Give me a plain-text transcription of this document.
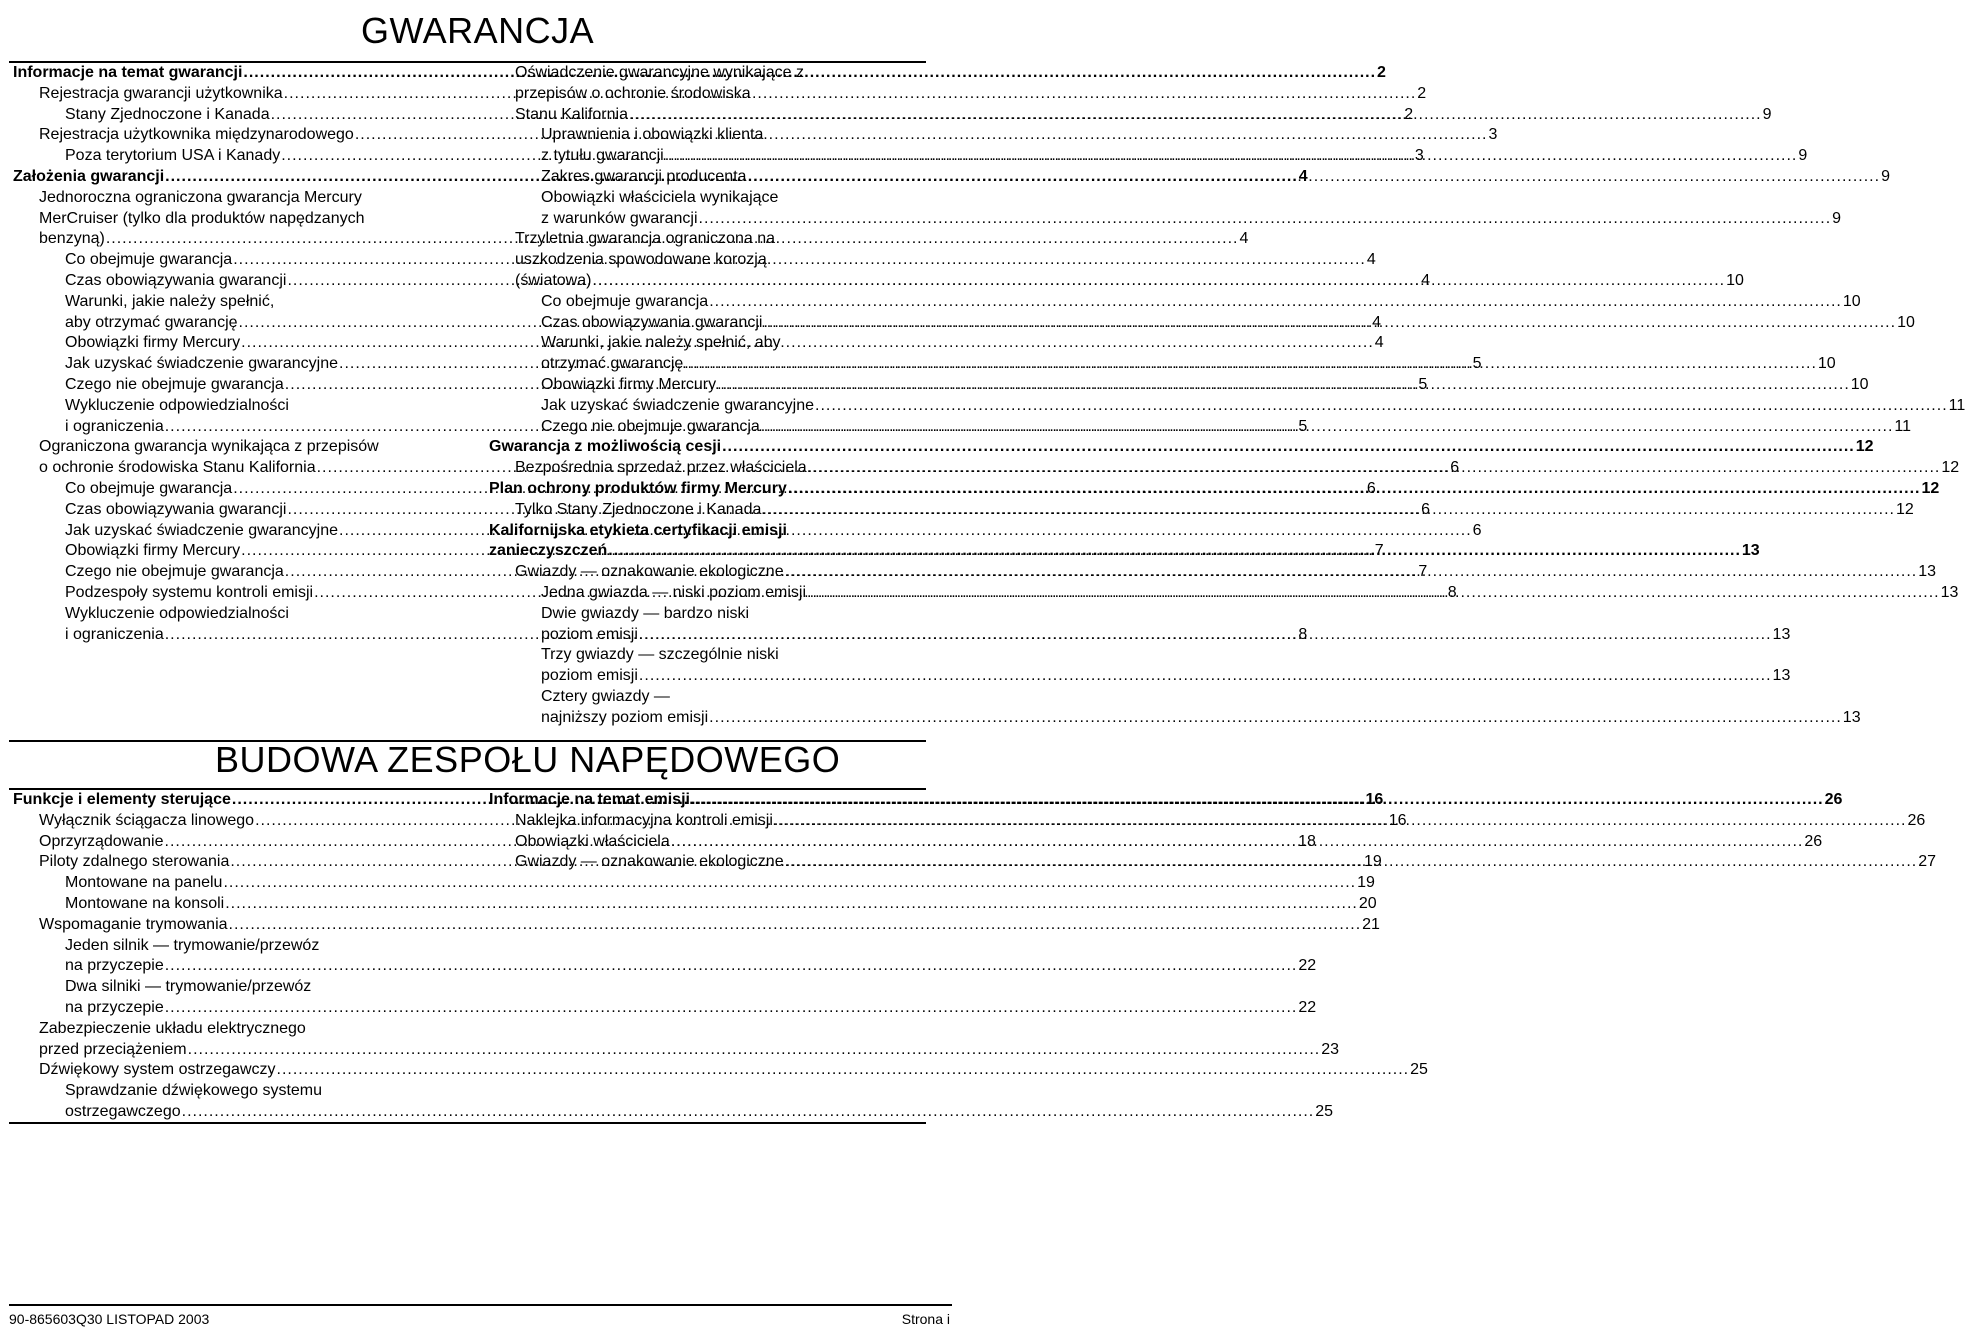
GWARANCJA
Informacje na temat gwarancji .....	2
Rejestracja gwarancji użytkownika .....	2
Stany Zjednoczone i Kanada .....	2
Rejestracja użytkownika międzynarodowego .....	3
Poza terytorium USA i Kanady .....	3
Założenia gwarancji .....	4
Jednoroczna ograniczona gwarancja Mercury
MerCruiser (tylko dla produktów napędzanych
benzyną) .....	4
Co obejmuje gwarancja .....	4
Czas obowiązywania gwarancji .....	4
Warunki, jakie należy spełnić,
aby otrzymać gwarancję .....	4
Obowiązki firmy Mercury .....	4
Jak uzyskać świadczenie gwarancyjne .....	5
Czego nie obejmuje gwarancja .....	5
Wykluczenie odpowiedzialności
i ograniczenia .....	5
Ograniczona gwarancja wynikająca z przepisów
o ochronie środowiska Stanu Kalifornia .....	6
Co obejmuje gwarancja .....	6
Czas obowiązywania gwarancji .....	6
Jak uzyskać świadczenie gwarancyjne .....	6
Obowiązki firmy Mercury .....	7
Czego nie obejmuje gwarancja .....	7
Podzespoły systemu kontroli emisji .....	8
Wykluczenie odpowiedzialności
i ograniczenia .....	8
Oświadczenie gwarancyjne wynikające z
przepisów o ochronie środowiska
Stanu Kalifornia .....	9
Uprawnienia i obowiązki klienta
z tytułu gwarancji .....	9
Zakres gwarancji producenta .....	9
Obowiązki właściciela wynikające
z warunków gwarancji .....	9
Trzyletnia gwarancja ograniczona na
uszkodzenia spowodowane korozją
(światowa) .....	10
Co obejmuje gwarancja .....	10
Czas obowiązywania gwarancji .....	10
Warunki, jakie należy spełnić, aby
otrzymać gwarancję .....	10
Obowiązki firmy Mercury .....	10
Jak uzyskać świadczenie gwarancyjne .....	11
Czego nie obejmuje gwarancja .....	11
Gwarancja z możliwością cesji .....	12
Bezpośrednia sprzedaż przez właściciela .....	12
Plan ochrony produktów firmy Mercury .....	12
Tylko Stany Zjednoczone i Kanada .....	12
Kalifornijska etykieta certyfikacji emisji
zanieczyszczeń .....	13
Gwiazdy — oznakowanie ekologiczne .....	13
Jedna gwiazda — niski poziom emisji .....	13
Dwie gwiazdy — bardzo niski
poziom emisji .....	13
Trzy gwiazdy — szczególnie niski
poziom emisji .....	13
Cztery gwiazdy —
najniższy poziom emisji .....	13
BUDOWA ZESPOŁU NAPĘDOWEGO
Funkcje i elementy sterujące .....	16
Wyłącznik ściągacza linowego .....	16
Oprzyrządowanie .....	18
Piloty zdalnego sterowania .....	19
Montowane na panelu .....	19
Montowane na konsoli .....	20
Wspomaganie trymowania .....	21
Jeden silnik — trymowanie/przewóz
na przyczepie .....	22
Dwa silniki — trymowanie/przewóz
na przyczepie .....	22
Zabezpieczenie układu elektrycznego
przed przeciążeniem .....	23
Dźwiękowy system ostrzegawczy .....	25
Sprawdzanie dźwiękowego systemu
ostrzegawczego .....	25
Informacje na temat emisji .....	26
Naklejka informacyjna kontroli emisji .....	26
Obowiązki właściciela .....	26
Gwiazdy — oznakowanie ekologiczne .....	27
90-865603Q30 LISTOPAD 2003	Strona i
